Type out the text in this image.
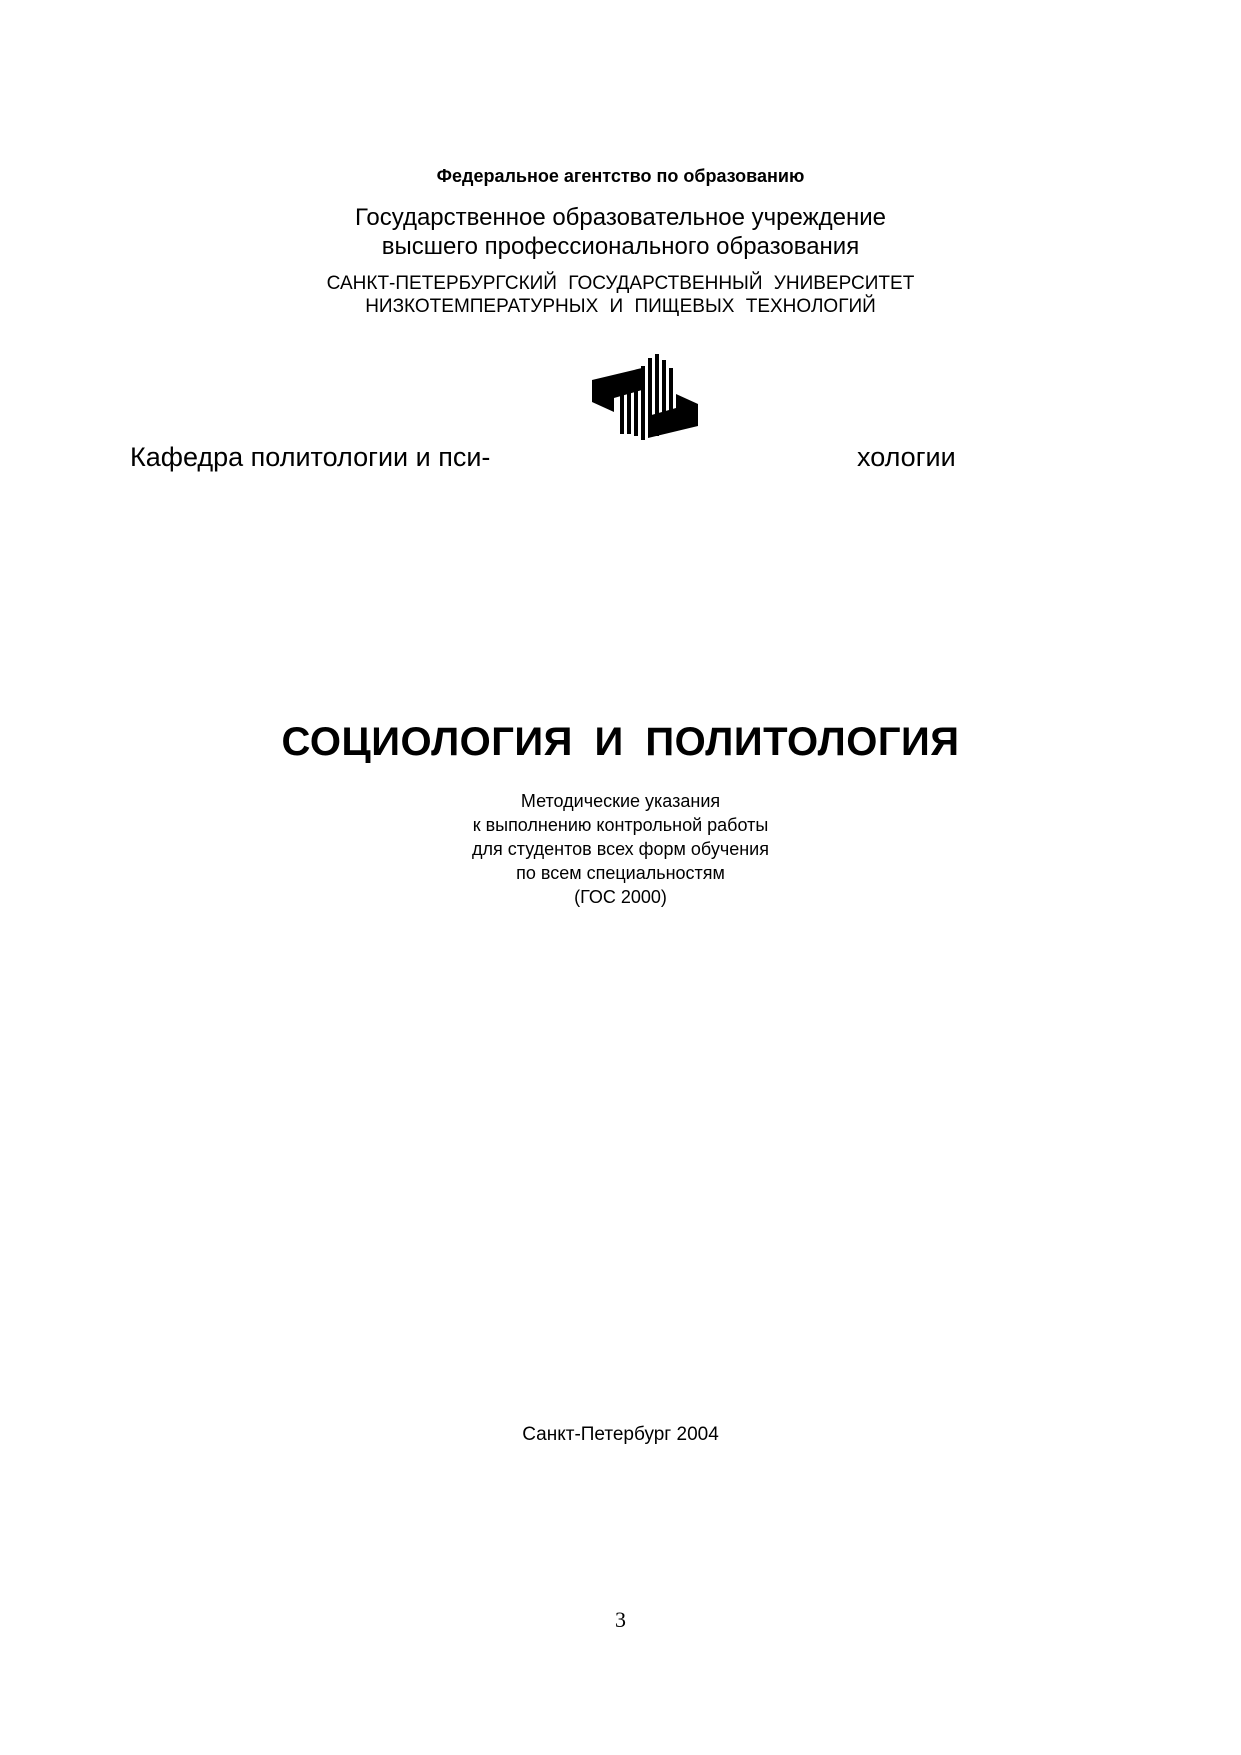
Федеральное агентство по образованию
Государственное образовательное учреждение
высшего профессионального образования
САНКТ-ПЕТЕРБУРГСКИЙ ГОСУДАРСТВЕННЫЙ УНИВЕРСИТЕТ
НИЗКОТЕМПЕРАТУРНЫХ И ПИЩЕВЫХ ТЕХНОЛОГИЙ
Кафедра политологии и пси-	хологии
СОЦИОЛОГИЯ И ПОЛИТОЛОГИЯ
Методические указания
к выполнению контрольной работы
для студентов всех форм обучения
по всем специальностям
(ГОС 2000)
Санкт-Петербург 2004
3
